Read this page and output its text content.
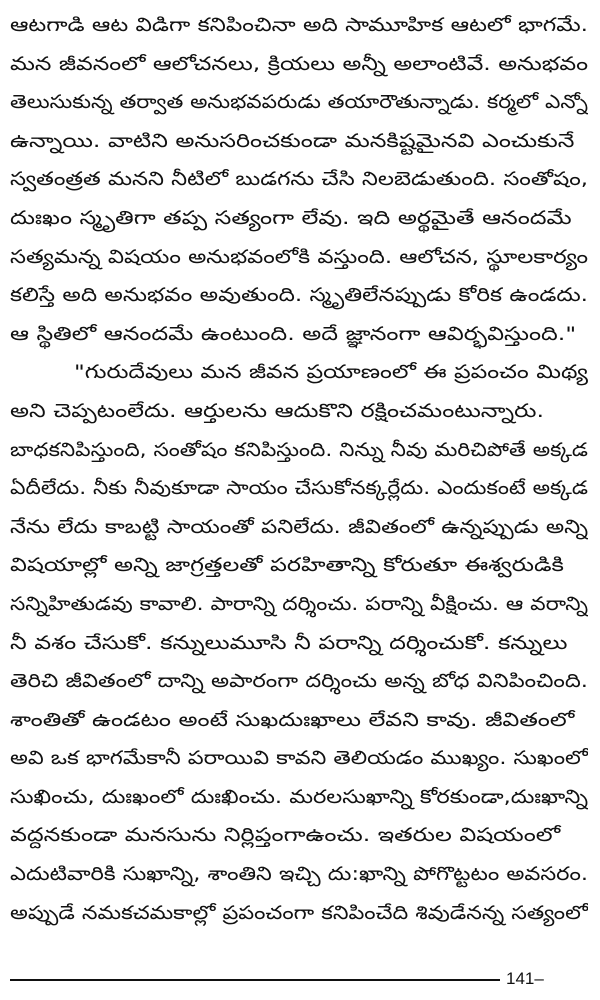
ఆటగాడి ఆట విడిగా కనిపించినా అది సామూహిక ఆటలో భాగమే.
మన జీవనంలో ఆలోచనలు, క్రియలు అన్నీ అలాంటివే. అనుభవం
తెలుసుకున్న తర్వాత అనుభవపరుడు తయారౌతున్నాడు. కర్మలో ఎన్నో
ఉన్నాయి. వాటిని అనుసరించకుండా మనకిష్టమైనవి ఎంచుకునే
స్వతంత్రత మనని నీటిలో బుడగను చేసి నిలబెడుతుంది. సంతోషం,
దుఃఖం స్మృతిగా తప్ప సత్యంగా లేవు. ఇది అర్థమైతే ఆనందమే
సత్యమన్న విషయం అనుభవంలోకి వస్తుంది. ఆలోచన, స్థూలకార్యం
కలిస్తే అది అనుభవం అవుతుంది. స్మృతిలేనప్పుడు కోరిక ఉండదు.
ఆ స్థితిలో ఆనందమే ఉంటుంది. అదే జ్ఞానంగా ఆవిర్భవిస్తుంది."
"గురుదేవులు మన జీవన ప్రయాణంలో ఈ ప్రపంచం మిథ్య
అని చెప్పటంలేదు. ఆర్తులను ఆదుకొని రక్షించమంటున్నారు.
బాధకనిపిస్తుంది, సంతోషం కనిపిస్తుంది. నిన్ను నీవు మరిచిపోతే అక్కడ
ఏదీలేదు. నీకు నీవుకూడా సాయం చేసుకోనక్కర్లేదు. ఎందుకంటే అక్కడ
నేను లేదు కాబట్టి సాయంతో పనిలేదు. జీవితంలో ఉన్నప్పుడు అన్ని
విషయాల్లో అన్ని జాగ్రత్తలతో పరహితాన్ని కోరుతూ ఈశ్వరుడికి
సన్నిహితుడవు కావాలి. పారాన్ని దర్శించు. పరాన్ని వీక్షించు. ఆ వరాన్ని
నీ వశం చేసుకో. కన్నులుమూసి నీ పరాన్ని దర్శించుకో. కన్నులు
తెరిచి జీవితంలో దాన్ని అపారంగా దర్శించు అన్న బోధ వినిపించింది.
శాంతితో ఉండటం అంటే సుఖదుఃఖాలు లేవని కావు. జీవితంలో
అవి ఒక భాగమేకానీ పరాయివి కావని తెలియడం ముఖ్యం. సుఖంలో
సుఖించు, దుఃఖంలో దుఃఖించు. మరలసుఖాన్ని కోరకుండా,దుఃఖాన్ని
వద్దనకుండా మనసును నిర్లిప్తంగాఉంచు. ఇతరుల విషయంలో
ఎదుటివారికి సుఖాన్ని, శాంతిని ఇచ్చి దు:ఖాన్ని పోగొట్టటం అవసరం.
అప్పుడే నమకచమకాల్లో ప్రపంచంగా కనిపించేది శివుడేనన్న సత్యంలో
141–
